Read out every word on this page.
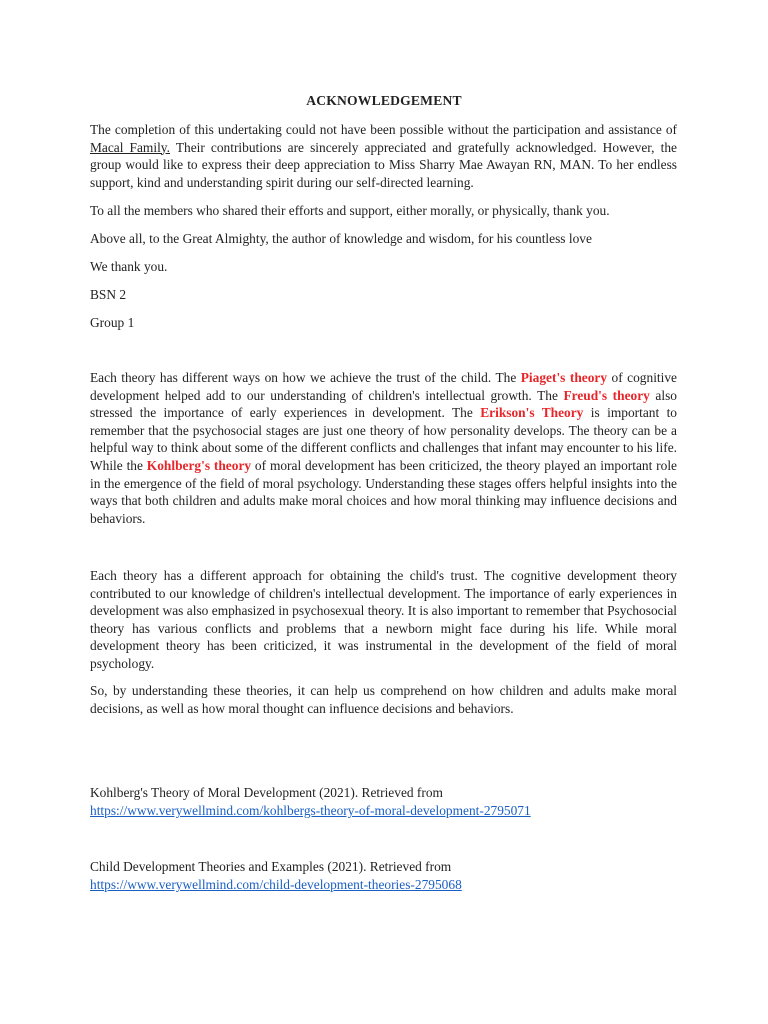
ACKNOWLEDGEMENT

The completion of this undertaking could not have been possible without the participation and assistance of Macal Family. Their contributions are sincerely appreciated and gratefully acknowledged. However, the group would like to express their deep appreciation to Miss Sharry Mae Awayan RN, MAN. To her endless support, kind and understanding spirit during our self-directed learning.

To all the members who shared their efforts and support, either morally, or physically, thank you.
Above all, to the Great Almighty, the author of knowledge and wisdom, for his countless love
We thank you.
BSN 2
Group 1

Each theory has different ways on how we achieve the trust of the child. The Piaget's theory of cognitive development helped add to our understanding of children's intellectual growth. The Freud's theory also stressed the importance of early experiences in development. The Erikson's Theory is important to remember that the psychosocial stages are just one theory of how personality develops. The theory can be a helpful way to think about some of the different conflicts and challenges that infant may encounter to his life. While the Kohlberg's theory of moral development has been criticized, the theory played an important role in the emergence of the field of moral psychology. Understanding these stages offers helpful insights into the ways that both children and adults make moral choices and how moral thinking may influence decisions and behaviors.

Each theory has a different approach for obtaining the child's trust. The cognitive development theory contributed to our knowledge of children's intellectual development. The importance of early experiences in development was also emphasized in psychosexual theory. It is also important to remember that Psychosocial theory has various conflicts and problems that a newborn might face during his life. While moral development theory has been criticized, it was instrumental in the development of the field of moral psychology.
So, by understanding these theories, it can help us comprehend on how children and adults make moral decisions, as well as how moral thought can influence decisions and behaviors.
Kohlberg's Theory of Moral Development (2021). Retrieved from
https://www.verywellmind.com/kohlbergs-theory-of-moral-development-2795071
Child Development Theories and Examples (2021). Retrieved from
https://www.verywellmind.com/child-development-theories-2795068
